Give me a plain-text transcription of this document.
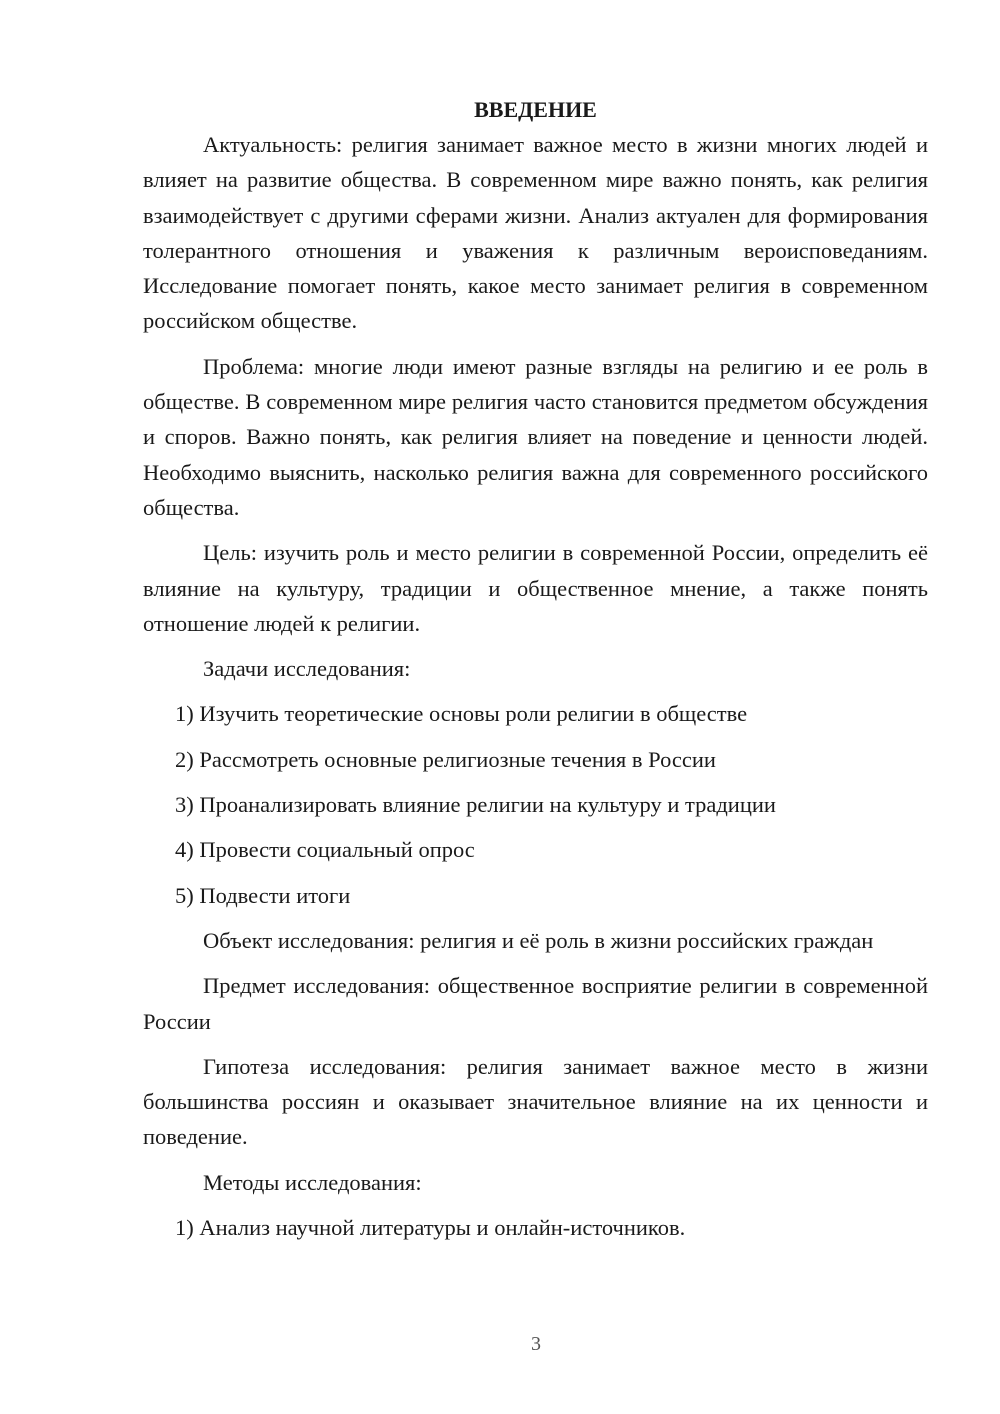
ВВЕДЕНИЕ

Актуальность: религия занимает важное место в жизни многих людей и влияет на развитие общества. В современном мире важно понять, как религия взаимодействует с другими сферами жизни. Анализ актуален для формирования толерантного отношения и уважения к различным вероисповеданиям. Исследование помогает понять, какое место занимает религия в современном российском обществе.

Проблема: многие люди имеют разные взгляды на религию и ее роль в обществе. В современном мире религия часто становится предметом обсуждения и споров. Важно понять, как религия влияет на поведение и ценности людей. Необходимо выяснить, насколько религия важна для современного российского общества.

Цель: изучить роль и место религии в современной России, определить её влияние на культуру, традиции и общественное мнение, а также понять отношение людей к религии.

Задачи исследования:

1) Изучить теоретические основы роли религии в обществе

2) Рассмотреть основные религиозные течения в России

3) Проанализировать влияние религии на культуру и традиции

4) Провести социальный опрос

5) Подвести итоги

Объект исследования: религия и её роль в жизни российских граждан

Предмет исследования: общественное восприятие религии в современной России

Гипотеза исследования: религия занимает важное место в жизни большинства россиян и оказывает значительное влияние на их ценности и поведение.

Методы исследования:

1) Анализ научной литературы и онлайн-источников.

3
